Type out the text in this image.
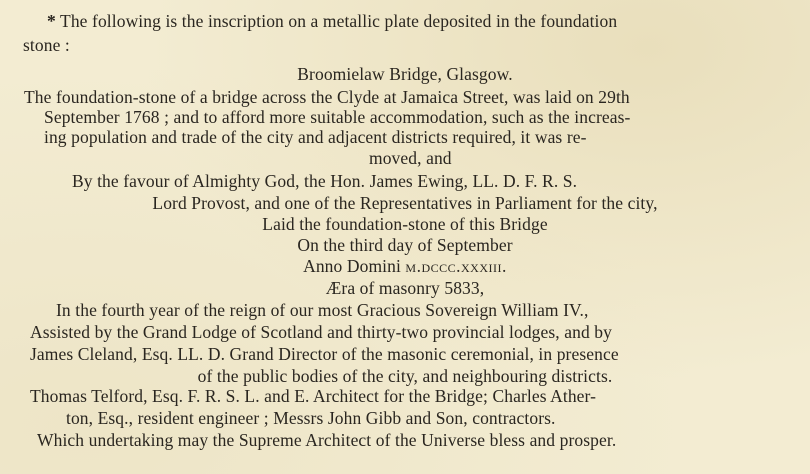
* The following is the inscription on a metallic plate deposited in the foundation
stone :
Broomielaw Bridge, Glasgow.
The foundation-stone of a bridge across the Clyde at Jamaica Street, was laid on 29th
September 1768 ; and to afford more suitable accommodation, such as the increas-
ing population and trade of the city and adjacent districts required, it was re-
moved, and
By the favour of Almighty God, the Hon. James Ewing, LL. D. F. R. S.
Lord Provost, and one of the Representatives in Parliament for the city,
Laid the foundation-stone of this Bridge
On the third day of September
Anno Domini m.dccc.xxxiii.
Æra of masonry 5833,
In the fourth year of the reign of our most Gracious Sovereign William IV.,
Assisted by the Grand Lodge of Scotland and thirty-two provincial lodges, and by
James Cleland, Esq. LL. D. Grand Director of the masonic ceremonial, in presence
of the public bodies of the city, and neighbouring districts.
Thomas Telford, Esq. F. R. S. L. and E. Architect for the Bridge; Charles Ather-
ton, Esq., resident engineer ; Messrs John Gibb and Son, contractors.
Which undertaking may the Supreme Architect of the Universe bless and prosper.
